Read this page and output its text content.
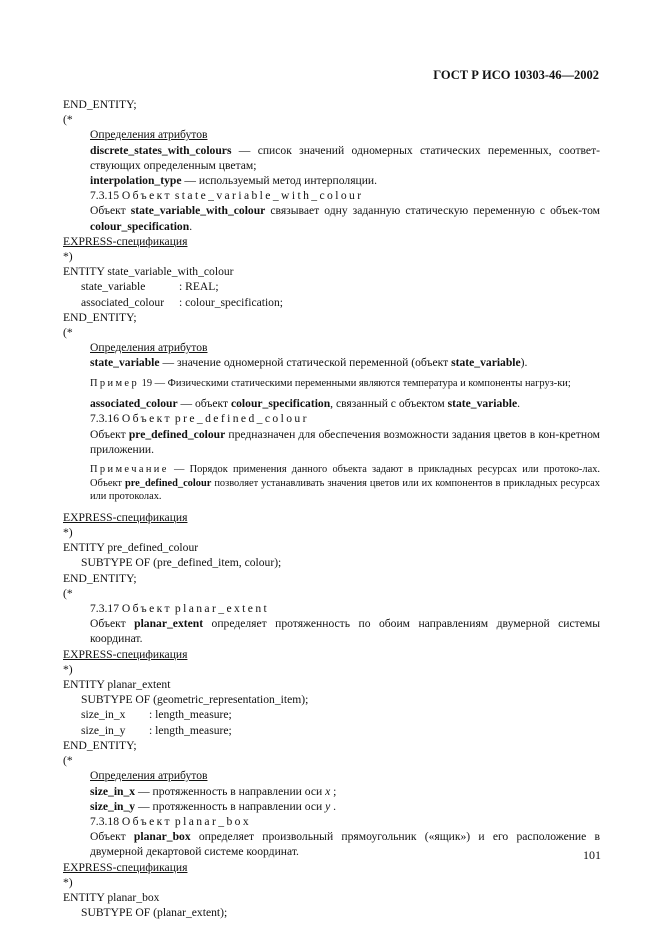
ГОСТ Р ИСО 10303-46—2002
END_ENTITY;
(*
Определения атрибутов
discrete_states_with_colours — список значений одномерных статических переменных, соответ-ствующих определенным цветам;
interpolation_type — используемый метод интерполяции.
7.3.15 Объект state_variable_with_colour
Объект state_variable_with_colour связывает одну заданную статическую переменную с объек-том colour_specification.
EXPRESS-спецификация
*)
ENTITY state_variable_with_colour
state_variable	: REAL;
associated_colour : colour_specification;
END_ENTITY;
(*
Определения атрибутов
state_variable — значение одномерной статической переменной (объект state_variable).
Пример 19 — Физическими статическими переменными являются температура и компоненты нагруз-ки;
associated_colour — объект colour_specification, связанный с объектом state_variable.
7.3.16 Объект pre_defined_colour
Объект pre_defined_colour предназначен для обеспечения возможности задания цветов в кон-кретном приложении.
Примечание — Порядок применения данного объекта задают в прикладных ресурсах или протоко-лах. Объект pre_defined_colour позволяет устанавливать значения цветов или их компонентов в прикладных ресурсах или протоколах.
EXPRESS-спецификация
*)
ENTITY pre_defined_colour
SUBTYPE OF (pre_defined_item, colour);
END_ENTITY;
(*
7.3.17 Объект planar_extent
Объект planar_extent определяет протяженность по обоим направлениям двумерной системы координат.
EXPRESS-спецификация
*)
ENTITY planar_extent
SUBTYPE OF (geometric_representation_item);
size_in_x : length_measure;
size_in_y : length_measure;
END_ENTITY;
(*
Определения атрибутов
size_in_x — протяженность в направлении оси x ;
size_in_y — протяженность в направлении оси y .
7.3.18 Объект planar_box
Объект planar_box определяет произвольный прямоугольник («ящик») и его расположение в двумерной декартовой системе координат.
EXPRESS-спецификация
*)
ENTITY planar_box
SUBTYPE OF (planar_extent);
101
